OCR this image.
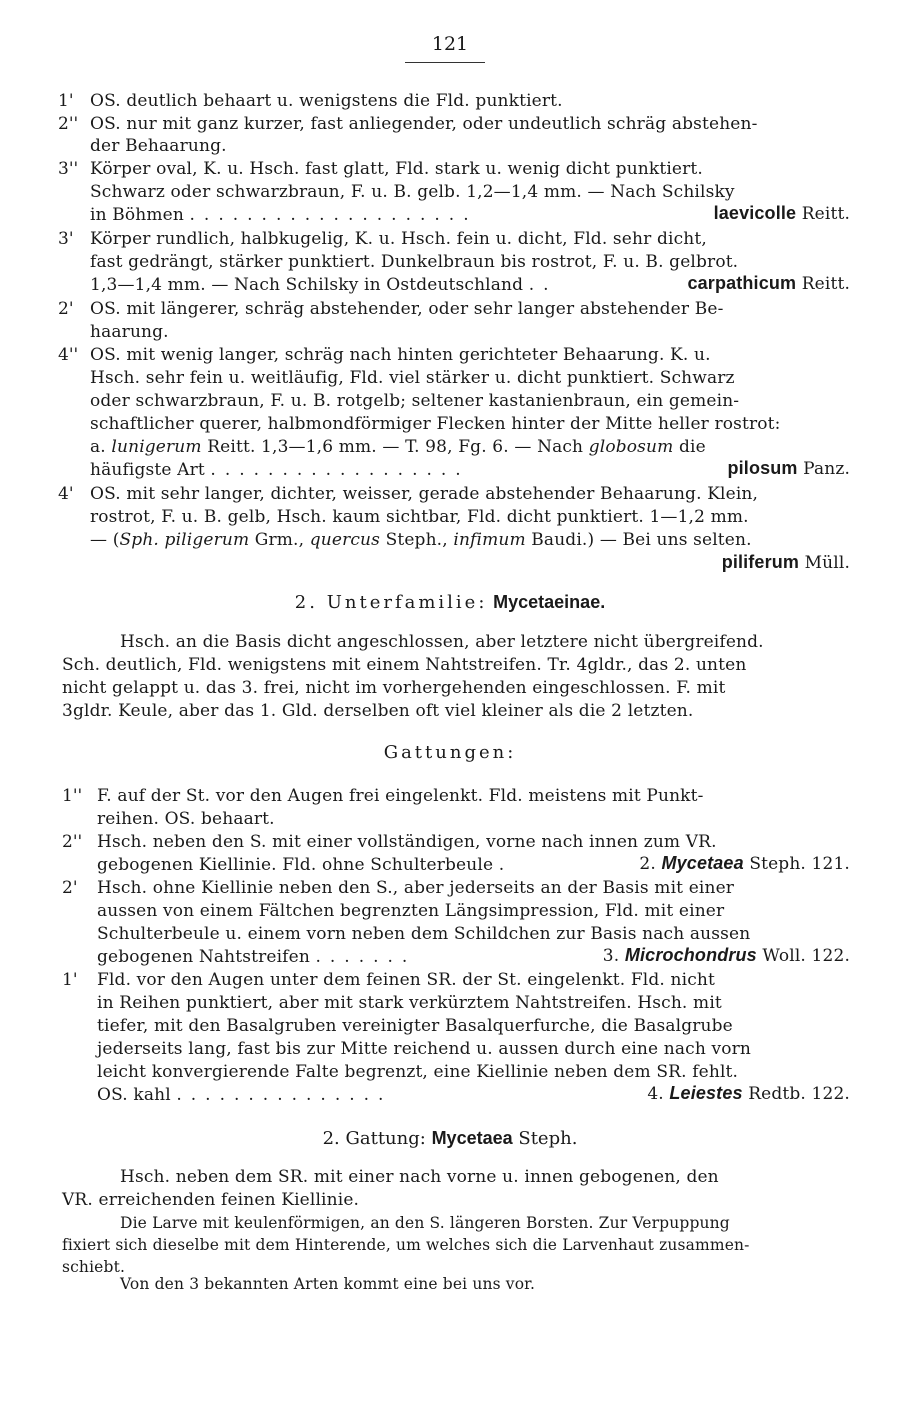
121
1' OS. deutlich behaart u. wenigstens die Fld. punktiert.
2'' OS. nur mit ganz kurzer, fast anliegender, oder undeutlich schräg abstehen-
der Behaarung.
3'' Körper oval, K. u. Hsch. fast glatt, Fld. stark u. wenig dicht punktiert.
Schwarz oder schwarzbraun, F. u. B. gelb. 1,2—1,4 mm. — Nach Schilsky
in Böhmen ....................	laevicolle Reitt.
3' Körper rundlich, halbkugelig, K. u. Hsch. fein u. dicht, Fld. sehr dicht,
fast gedrängt, stärker punktiert. Dunkelbraun bis rostrot, F. u. B. gelbrot.
1,3—1,4 mm. — Nach Schilsky in Ostdeutschland ..	carpathicum Reitt.
2' OS. mit längerer, schräg abstehender, oder sehr langer abstehender Be-
haarung.
4'' OS. mit wenig langer, schräg nach hinten gerichteter Behaarung. K. u.
Hsch. sehr fein u. weitläufig, Fld. viel stärker u. dicht punktiert. Schwarz
oder schwarzbraun, F. u. B. rotgelb; seltener kastanienbraun, ein gemein-
schaftlicher querer, halbmondförmiger Flecken hinter der Mitte heller rostrot:
a. lunigerum Reitt. 1,3—1,6 mm. — T. 98, Fg. 6. — Nach globosum die
häufigste Art ..................	pilosum Panz.
4' OS. mit sehr langer, dichter, weisser, gerade abstehender Behaarung. Klein,
rostrot, F. u. B. gelb, Hsch. kaum sichtbar, Fld. dicht punktiert. 1—1,2 mm.
— (Sph. piligerum Grm., quercus Steph., infimum Baudi.) — Bei uns selten.
piliferum Müll.
2. Unterfamilie: Mycetaeinae.
Hsch. an die Basis dicht angeschlossen, aber letztere nicht übergreifend.
Sch. deutlich, Fld. wenigstens mit einem Nahtstreifen. Tr. 4gldr., das 2. unten
nicht gelappt u. das 3. frei, nicht im vorhergehenden eingeschlossen. F. mit
3gldr. Keule, aber das 1. Gld. derselben oft viel kleiner als die 2 letzten.
Gattungen:
1'' F. auf der St. vor den Augen frei eingelenkt. Fld. meistens mit Punkt-
reihen. OS. behaart.
2'' Hsch. neben den S. mit einer vollständigen, vorne nach innen zum VR.
gebogenen Kiellinie. Fld. ohne Schulterbeule .	2. Mycetaea Steph. 121.
2' Hsch. ohne Kiellinie neben den S., aber jederseits an der Basis mit einer
aussen von einem Fältchen begrenzten Längsimpression, Fld. mit einer
Schulterbeule u. einem vorn neben dem Schildchen zur Basis nach aussen
gebogenen Nahtstreifen .......	3. Microchondrus Woll. 122.
1' Fld. vor den Augen unter dem feinen SR. der St. eingelenkt. Fld. nicht
in Reihen punktiert, aber mit stark verkürztem Nahtstreifen. Hsch. mit
tiefer, mit den Basalgruben vereinigter Basalquerfurche, die Basalgrube
jederseits lang, fast bis zur Mitte reichend u. aussen durch eine nach vorn
leicht konvergierende Falte begrenzt, eine Kiellinie neben dem SR. fehlt.
OS. kahl ...............	4. Leiestes Redtb. 122.
2. Gattung: Mycetaea Steph.
Hsch. neben dem SR. mit einer nach vorne u. innen gebogenen, den
VR. erreichenden feinen Kiellinie.
Die Larve mit keulenförmigen, an den S. längeren Borsten. Zur Verpuppung
fixiert sich dieselbe mit dem Hinterende, um welches sich die Larvenhaut zusammen-
schiebt.
Von den 3 bekannten Arten kommt eine bei uns vor.
